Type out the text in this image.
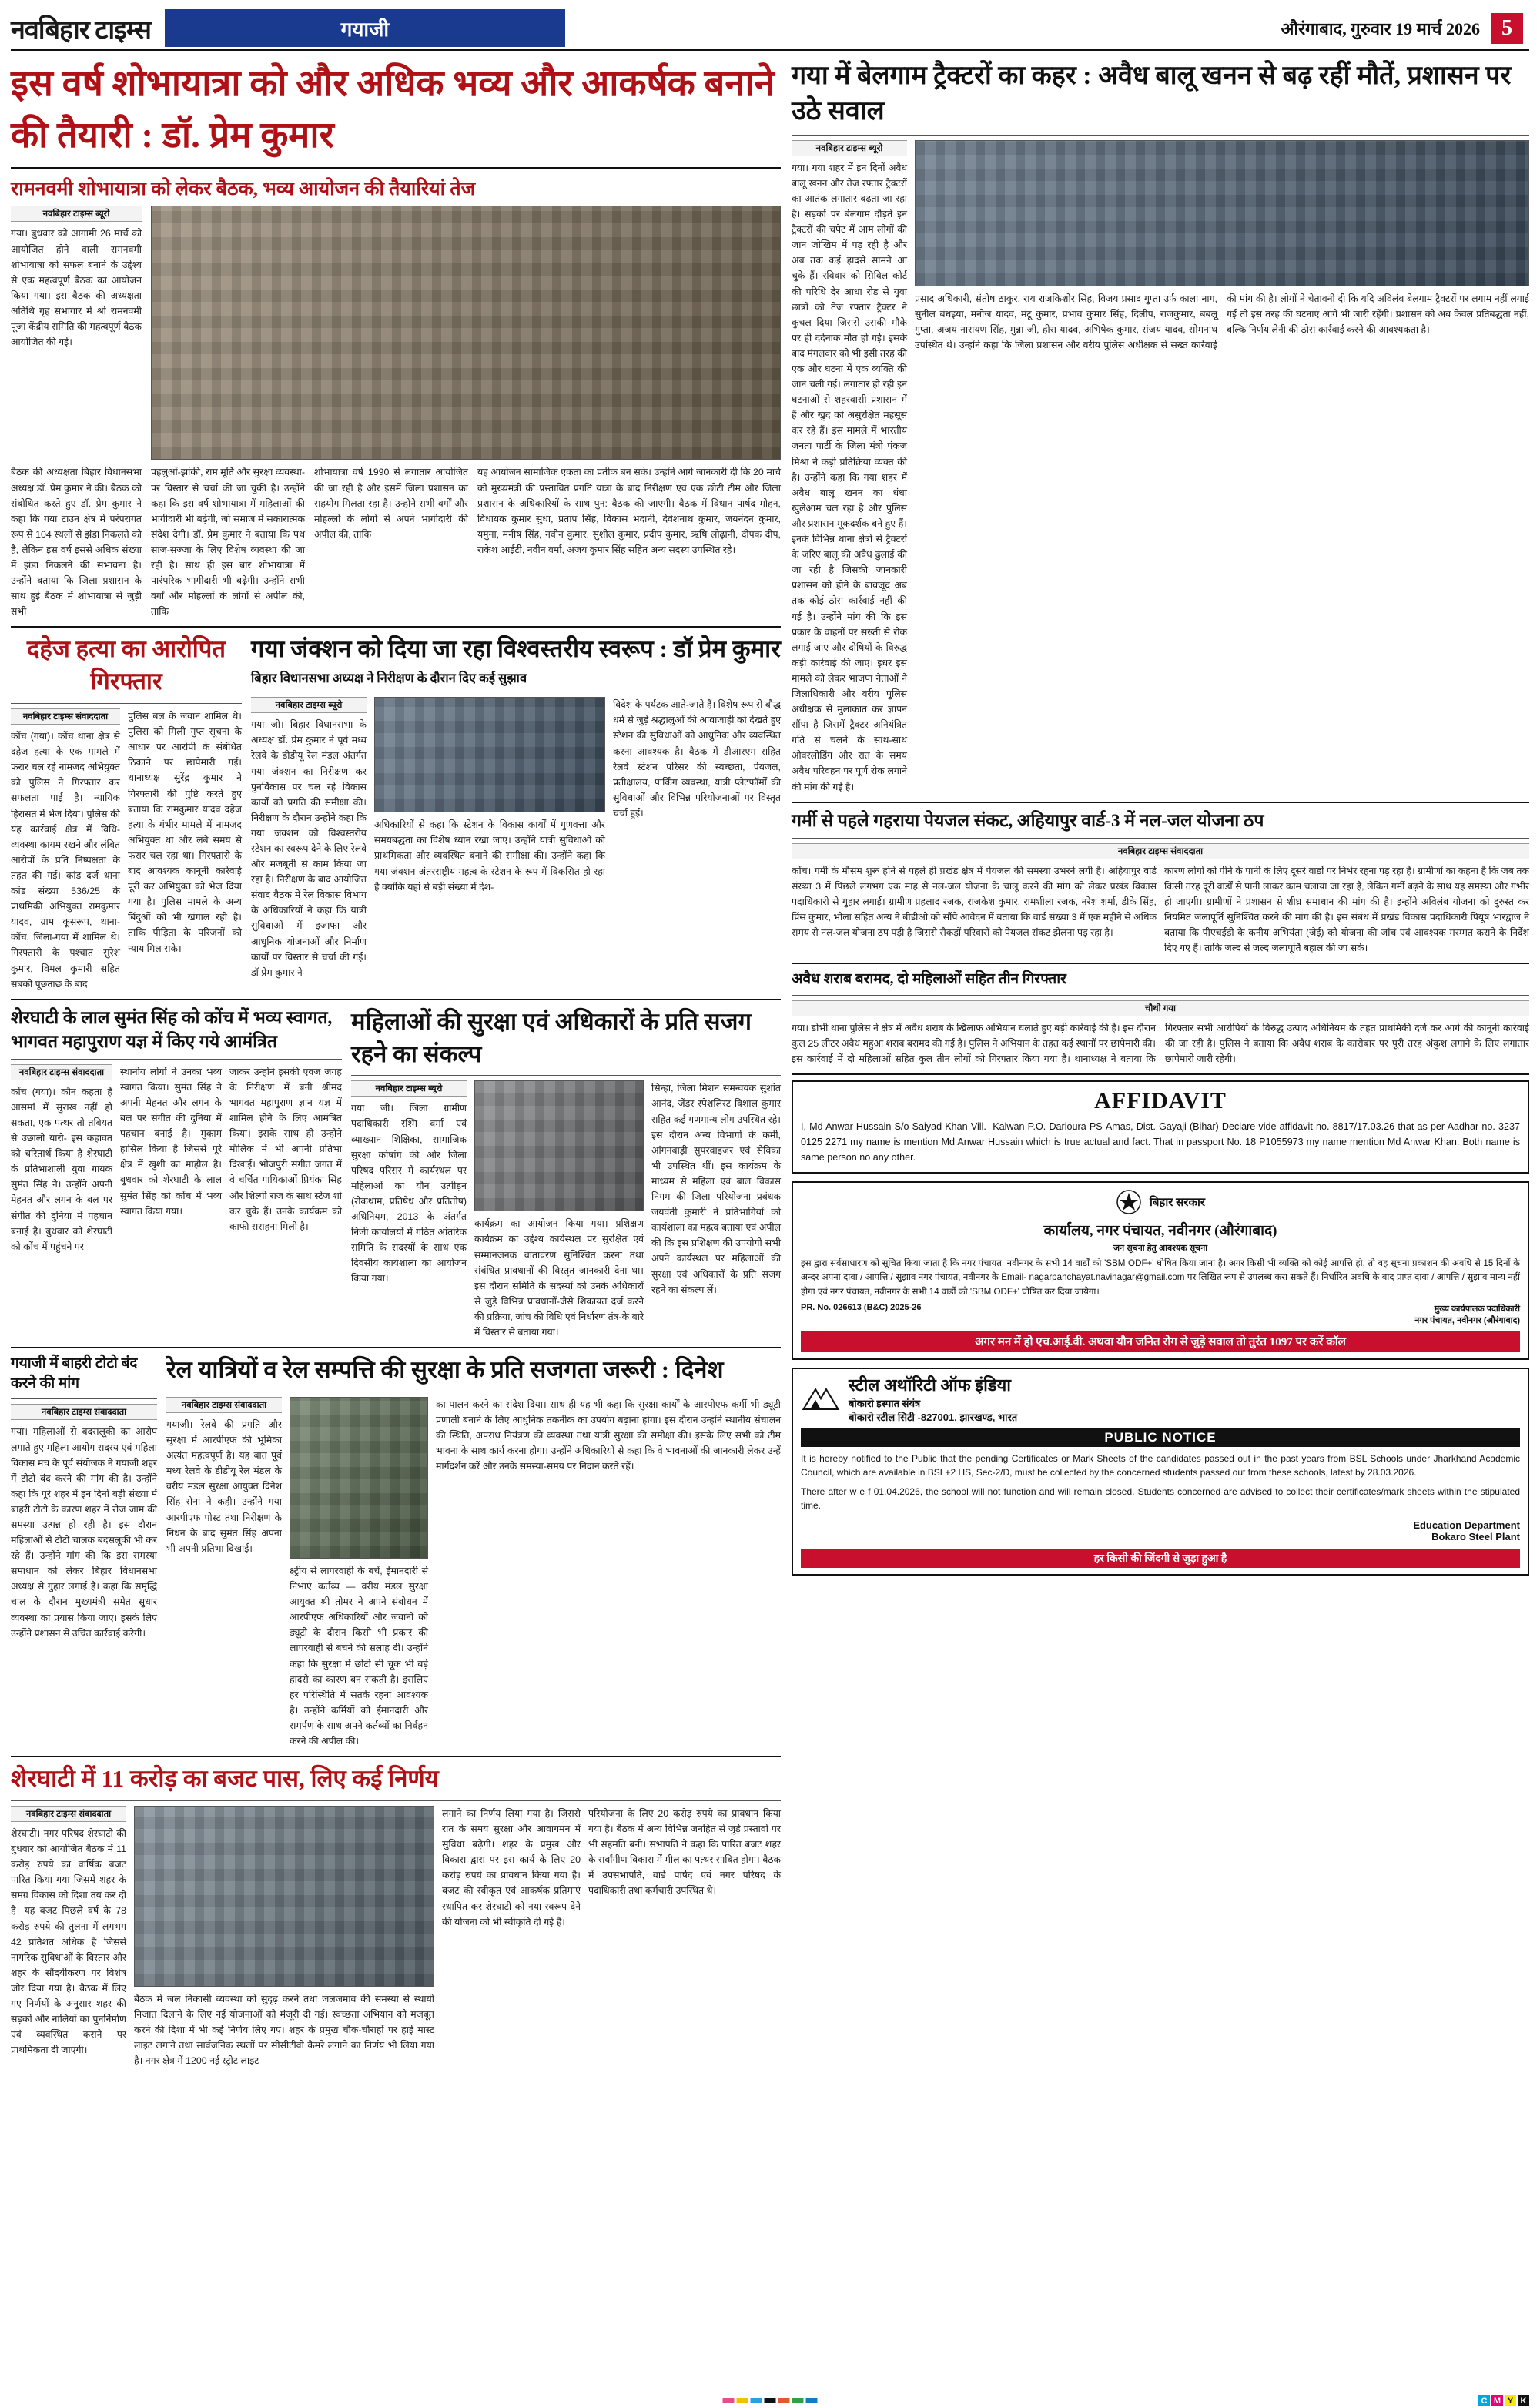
नवबिहार टाइम्स	गयाजी	औरंगाबाद, गुरुवार 19 मार्च 2026	5
इस वर्ष शोभायात्रा को और अधिक भव्य और आकर्षक बनाने की तैयारी : डॉ. प्रेम कुमार
रामनवमी शोभायात्रा को लेकर बैठक, भव्य आयोजन की तैयारियां तेज
नवबिहार टाइम्स ब्यूरो
गया। बुधवार को आगामी 26 मार्च को आयोजित होने वाली रामनवमी शोभायात्रा को सफल बनाने के उद्देश्य से एक महत्वपूर्ण बैठक का आयोजन किया गया। इस बैठक की अध्यक्षता अतिथि गृह सभागार में श्री रामनवमी पूजा केंद्रीय समिति की महत्वपूर्ण बैठक आयोजित की गई।
बैठक की अध्यक्षता बिहार विधानसभा अध्यक्ष डॉ. प्रेम कुमार ने की। बैठक को संबोधित करते हुए डॉ. प्रेम कुमार ने कहा कि गया टाउन क्षेत्र में परंपरागत रूप से 104 स्थलों से झंडा निकलते को है, लेकिन इस वर्ष इससे अधिक संख्या में झंडा निकलने की संभावना है। उन्होंने बताया कि जिला प्रशासन के साथ हुई बैठक में शोभायात्रा से जुड़ी सभी
पहलुओं-झांकी, राम मूर्ति और सुरक्षा व्यवस्था-पर विस्तार से चर्चा की जा चुकी है। उन्होंने कहा कि इस वर्ष शोभायात्रा में महिलाओं की भागीदारी भी बढ़ेगी, जो समाज में सकारात्मक संदेश देगी। डॉ. प्रेम कुमार ने बताया कि पथ साज-सज्जा के लिए विशेष व्यवस्था की जा रही है। साथ ही इस बार शोभायात्रा में पारंपरिक भागीदारी भी बढ़ेगी। उन्होंने सभी वर्गों और मोहल्लों के लोगों से अपील की, ताकि
शोभायात्रा वर्ष 1990 से लगातार आयोजित की जा रही है और इसमें जिला प्रशासन का सहयोग मिलता रहा है। उन्होंने सभी वर्गों और मोहल्लों के लोगों से अपने भागीदारी की अपील की, ताकि
यह आयोजन सामाजिक एकता का प्रतीक बन सके। उन्होंने आगे जानकारी दी कि 20 मार्च को मुख्यमंत्री की प्रस्तावित प्रगति यात्रा के बाद निरीक्षण एवं एक छोटी टीम और जिला प्रशासन के अधिकारियों के साथ पुन: बैठक की जाएगी। बैठक में विधान पार्षद मोहन, विधायक कुमार सुधा, प्रताप सिंह, विकास भदानी, देवेशनाथ कुमार, जयनंदन कुमार, यमुना, मनीष सिंह, नवीन कुमार, सुशील कुमार, प्रदीप कुमार, ऋषि लोढ़ानी, दीपक दीप, राकेश आईटी, नवीन वर्मा, अजय कुमार सिंह सहित अन्य सदस्य उपस्थित रहे।
दहेज हत्या का आरोपित गिरफ्तार
नवबिहार टाइम्स संवाददाता
कोंच (गया)। कोंच थाना क्षेत्र से दहेज हत्या के एक मामले में फरार चल रहे नामजद अभियुक्त को पुलिस ने गिरफ्तार कर सफलता पाई है। न्यायिक हिरासत में भेज दिया। पुलिस की यह कार्रवाई क्षेत्र में विधि-व्यवस्था कायम रखने और लंबित आरोपों के प्रति निष्पक्षता के तहत की गई। कांड दर्ज थाना कांड संख्या 536/25 के प्राथमिकी अभियुक्त रामकुमार यादव, ग्राम कूसरूप, थाना-कोंच, जिला-गया में शामिल थे। गिरफ्तारी के पश्चात सुरेश कुमार, विमल कुमारी सहित सबको पूछताछ के बाद
पुलिस बल के जवान शामिल थे। पुलिस को मिली गुप्त सूचना के आधार पर आरोपी के संबंधित ठिकाने पर छापेमारी गई। थानाध्यक्ष सुरेंद्र कुमार ने गिरफ्तारी की पुष्टि करते हुए बताया कि रामकुमार यादव दहेज हत्या के गंभीर मामले में नामजद अभियुक्त था और लंबे समय से फरार चल रहा था। गिरफ्तारी के बाद आवश्यक कानूनी कार्रवाई पूरी कर अभियुक्त को भेज दिया गया है। पुलिस मामले के अन्य बिंदुओं को भी खंगाल रही है। ताकि पीड़िता के परिजनों को न्याय मिल सके।
गया जंक्शन को दिया जा रहा विश्वस्तरीय स्वरूप : डॉ प्रेम कुमार
बिहार विधानसभा अध्यक्ष ने निरीक्षण के दौरान दिए कई सुझाव
नवबिहार टाइम्स ब्यूरो
गया जी। बिहार विधानसभा के अध्यक्ष डॉ. प्रेम कुमार ने पूर्व मध्य रेलवे के डीडीयू रेल मंडल अंतर्गत गया जंक्शन का निरीक्षण कर पुनर्विकास पर चल रहे विकास कार्यों को प्रगति की समीक्षा की। निरीक्षण के दौरान उन्होंने कहा कि गया जंक्शन को विश्वस्तरीय स्टेशन का स्वरूप देने के लिए रेलवे और मजबूती से काम किया जा रहा है। निरीक्षण के बाद आयोजित संवाद बैठक में रेल विकास विभाग के अधिकारियों ने कहा कि यात्री सुविधाओं में इजाफा और आधुनिक योजनाओं और निर्माण कार्यों पर विस्तार से चर्चा की गई। डॉ प्रेम कुमार ने
अधिकारियों से कहा कि स्टेशन के विकास कार्यों में गुणवत्ता और समयबद्धता का विशेष ध्यान रखा जाए। उन्होंने यात्री सुविधाओं को प्राथमिकता और व्यवस्थित बनाने की समीक्षा की। उन्होंने कहा कि गया जंक्शन अंतरराष्ट्रीय महत्व के स्टेशन के रूप में विकसित हो रहा है क्योंकि यहां से बड़ी संख्या में देश-
विदेश के पर्यटक आते-जाते हैं। विशेष रूप से बौद्ध धर्म से जुड़े श्रद्धालुओं की आवाजाही को देखते हुए स्टेशन की सुविधाओं को आधुनिक और व्यवस्थित करना आवश्यक है। बैठक में डीआरएम सहित रेलवे स्टेशन परिसर की स्वच्छता, पेयजल, प्रतीक्षालय, पार्किंग व्यवस्था, यात्री प्लेटफॉर्मों की सुविधाओं और विभिन्न परियोजनाओं पर विस्तृत चर्चा हुई।
शेरघाटी के लाल सुमंत सिंह को कोंच में भव्य स्वागत, भागवत महापुराण यज्ञ में किए गये आमंत्रित
नवबिहार टाइम्स संवाददाता
कोंच (गया)। कौन कहता है आसमां में सुराख नहीं हो सकता, एक पत्थर तो तबियत से उछालो यारो- इस कहावत को चरितार्थ किया है शेरघाटी के प्रतिभाशाली युवा गायक सुमंत सिंह ने। उन्होंने अपनी मेहनत और लगन के बल पर संगीत की दुनिया में पहचान बनाई है। बुधवार को शेरघाटी को कोंच में पहुंचने पर
स्थानीय लोगों ने उनका भव्य स्वागत किया। सुमंत सिंह ने अपनी मेहनत और लगन के बल पर संगीत की दुनिया में पहचान बनाई है। मुकाम हासिल किया है जिससे पूरे क्षेत्र में खुशी का माहौल है। बुधवार को शेरघाटी के लाल सुमंत सिंह को कोंच में भव्य स्वागत किया गया।
जाकर उन्होंने इसकी एवज जगह के निरीक्षण में बनी श्रीमद भागवत महापुराण ज्ञान यज्ञ में शामिल होने के लिए आमंत्रित किया। इसके साथ ही उन्होंने मौलिक में भी अपनी प्रतिभा दिखाई। भोजपुरी संगीत जगत में वे चर्चित गायिकाओं प्रियंका सिंह और शिल्पी राज के साथ स्टेज शो कर चुके हैं। उनके कार्यक्रम को काफी सराहना मिली है।
महिलाओं की सुरक्षा एवं अधिकारों के प्रति सजग रहने का संकल्प
नवबिहार टाइम्स ब्यूरो
गया जी। जिला ग्रामीण पदाधिकारी रश्मि वर्मा एवं व्याख्यान शिक्षिका, सामाजिक सुरक्षा कोषांग की ओर जिला परिषद परिसर में कार्यस्थल पर महिलाओं का यौन उत्पीड़न (रोकथाम, प्रतिषेध और प्रतितोष) अधिनियम, 2013 के अंतर्गत निजी कार्यालयों में गठित आंतरिक समिति के सदस्यों के साथ एक दिवसीय कार्यशाला का आयोजन किया गया।
कार्यक्रम का आयोजन किया गया। प्रशिक्षण कार्यक्रम का उद्देश्य कार्यस्थल पर सुरक्षित एवं सम्मानजनक वातावरण सुनिश्चित करना तथा संबंधित प्रावधानों की विस्तृत जानकारी देना था। इस दौरान समिति के सदस्यों को उनके अधिकारों से जुड़े विभिन्न प्रावधानों-जैसे शिकायत दर्ज करने की प्रक्रिया, जांच की विधि एवं निर्धारण तंत्र-के बारे में विस्तार से बताया गया।
सिन्हा, जिला मिशन समन्वयक सुशांत आनंद, जेंडर स्पेशलिस्ट विशाल कुमार सहित कई गणमान्य लोग उपस्थित रहे। इस दौरान अन्य विभागों के कर्मी, आंगनबाड़ी सुपरवाइजर एवं सेविका भी उपस्थित थीं। इस कार्यक्रम के माध्यम से महिला एवं बाल विकास निगम की जिला परियोजना प्रबंधक जयवंती कुमारी ने प्रतिभागियों को कार्यशाला का महत्व बताया एवं अपील की कि इस प्रशिक्षण की उपयोगी सभी अपने कार्यस्थल पर महिलाओं की सुरक्षा एवं अधिकारों के प्रति सजग रहने का संकल्प लें।
गयाजी में बाहरी टोटो बंद करने की मांग
नवबिहार टाइम्स संवाददाता
गया। महिलाओं से बदसलूकी का आरोप लगाते हुए महिला आयोग सदस्य एवं महिला विकास मंच के पूर्व संयोजक ने गयाजी शहर में टोटो बंद करने की मांग की है। उन्होंने कहा कि पूरे शहर में इन दिनों बड़ी संख्या में बाहरी टोटो के कारण शहर में रोज जाम की समस्या उत्पन्न हो रही है। इस दौरान महिलाओं से टोटो चालक बदसलूकी भी कर रहे हैं। उन्होंने मांग की कि इस समस्या समाधान को लेकर बिहार विधानसभा अध्यक्ष से गुहार लगाई है। कहा कि समृद्धि चाल के दौरान मुख्यमंत्री समेत सुधार व्यवस्था का प्रयास किया जाए। इसके लिए उन्होंने प्रशासन से उचित कार्रवाई करेगी।
रेल यात्रियों व रेल सम्पत्ति की सुरक्षा के प्रति सजगता जरूरी : दिनेश
नवबिहार टाइम्स संवाददाता
गयाजी। रेलवे की प्रगति और सुरक्षा में आरपीएफ की भूमिका अत्यंत महत्वपूर्ण है। यह बात पूर्व मध्य रेलवे के डीडीयू रेल मंडल के वरीय मंडल सुरक्षा आयुक्त दिनेश सिंह सेना ने कही। उन्होंने गया आरपीएफ पोस्ट तथा निरीक्षण के निधन के बाद सुमंत सिंह अपना भी अपनी प्रतिभा दिखाई।
क्ष्ट्रीय से लापरवाही के बचें, ईमानदारी से निभाएं कर्तव्य — वरीय मंडल सुरक्षा आयुक्त श्री तोमर ने अपने संबोधन में आरपीएफ अधिकारियों और जवानों को ड्यूटी के दौरान किसी भी प्रकार की लापरवाही से बचने की सलाह दी। उन्होंने कहा कि सुरक्षा में छोटी सी चूक भी बड़े हादसे का कारण बन सकती है। इसलिए हर परिस्थिति में सतर्क रहना आवश्यक है। उन्होंने कर्मियों को ईमानदारी और समर्पण के साथ अपने कर्तव्यों का निर्वहन करने की अपील की।
का पालन करने का संदेश दिया। साथ ही यह भी कहा कि सुरक्षा कार्यों के आरपीएफ कर्मी भी ड्यूटी प्रणाली बनाने के लिए आधुनिक तकनीक का उपयोग बढ़ाना होगा। इस दौरान उन्होंने स्थानीय संचालन की स्थिति, अपराध नियंत्रण की व्यवस्था तथा यात्री सुरक्षा की समीक्षा की। इसके लिए सभी को टीम भावना के साथ कार्य करना होगा। उन्होंने अधिकारियों से कहा कि वे भावनाओं की जानकारी लेकर उन्हें मार्गदर्शन करें और उनके समस्या-समय पर निदान करते रहें।
शेरघाटी में 11 करोड़ का बजट पास, लिए कई निर्णय
नवबिहार टाइम्स संवाददाता
शेरघाटी। नगर परिषद शेरघाटी की बुधवार को आयोजित बैठक में 11 करोड़ रुपये का वार्षिक बजट पारित किया गया जिसमें शहर के समग्र विकास को दिशा तय कर दी है। यह बजट पिछले वर्ष के 78 करोड़ रुपये की तुलना में लगभग 42 प्रतिशत अधिक है जिससे नागरिक सुविधाओं के विस्तार और शहर के सौंदर्यीकरण पर विशेष जोर दिया गया है। बैठक में लिए गए निर्णयों के अनुसार शहर की सड़कों और नालियों का पुनर्निर्माण एवं व्यवस्थित कराने पर प्राथमिकता दी जाएगी।
बैठक में जल निकासी व्यवस्था को सुदृढ़ करने तथा जलजमाव की समस्या से स्थायी निजात दिलाने के लिए नई योजनाओं को मंजूरी दी गई। स्वच्छता अभियान को मजबूत करने की दिशा में भी कई निर्णय लिए गए। शहर के प्रमुख चौक-चौराहों पर हाई मास्ट लाइट लगाने तथा सार्वजनिक स्थलों पर सीसीटीवी कैमरे लगाने का निर्णय भी लिया गया है। नगर क्षेत्र में 1200 नई स्ट्रीट लाइट
लगाने का निर्णय लिया गया है। जिससे रात के समय सुरक्षा और आवागमन में सुविधा बढ़ेगी। शहर के प्रमुख और विकास द्वारा पर इस कार्य के लिए 20 करोड़ रुपये का प्रावधान किया गया है। बजट की स्वीकृत एवं आकर्षक प्रतिमाएं स्थापित कर शेरघाटी को नया स्वरूप देने की योजना को भी स्वीकृति दी गई है।
परियोजना के लिए 20 करोड़ रुपये का प्रावधान किया गया है। बैठक में अन्य विभिन्न जनहित से जुड़े प्रस्तावों पर भी सहमति बनी। सभापति ने कहा कि पारित बजट शहर के सर्वांगीण विकास में मील का पत्थर साबित होगा। बैठक में उपसभापति, वार्ड पार्षद एवं नगर परिषद के पदाधिकारी तथा कर्मचारी उपस्थित थे।
गया में बेलगाम ट्रैक्टरों का कहर : अवैध बालू खनन से बढ़ रहीं मौतें, प्रशासन पर उठे सवाल
नवबिहार टाइम्स ब्यूरो
गया। गया शहर में इन दिनों अवैध बालू खनन और तेज रफ्तार ट्रैक्टरों का आतंक लगातार बढ़ता जा रहा है। सड़कों पर बेलगाम दौड़ते इन ट्रैक्टरों की चपेट में आम लोगों की जान जोखिम में पड़ रही है और अब तक कई हादसे सामने आ चुके हैं। रविवार को सिविल कोर्ट की परिधि देर आधा रोड से युवा छात्रों को तेज रफ्तार ट्रैक्टर ने कुचल दिया जिससे उसकी मौके पर ही दर्दनाक मौत हो गई। इसके बाद मंगलवार को भी इसी तरह की एक और घटना में एक व्यक्ति की जान चली गई। लगातार हो रही इन घटनाओं से शहरवासी प्रशासन में हैं और खुद को असुरक्षित महसूस कर रहे हैं। इस मामले में भारतीय जनता पार्टी के जिला मंत्री पंकज मिश्रा ने कड़ी प्रतिक्रिया व्यक्त की है। उन्होंने कहा कि गया शहर में अवैध बालू खनन का धंधा खुलेआम चल रहा है और पुलिस और प्रशासन मूकदर्शक बने हुए हैं। इनके विभिन्न थाना क्षेत्रों से ट्रैक्टरों के जरिए बालू की अवैध ढुलाई की जा रही है जिसकी जानकारी प्रशासन को होने के बावजूद अब तक कोई ठोस कार्रवाई नहीं की गई है। उन्होंने मांग की कि इस प्रकार के वाहनों पर सख्ती से रोक लगाई जाए और दोषियों के विरुद्ध कड़ी कार्रवाई की जाए। इधर इस मामले को लेकर भाजपा नेताओं ने जिलाधिकारी और वरीय पुलिस अधीक्षक से मुलाकात कर ज्ञापन सौंपा है जिसमें ट्रैक्टर अनियंत्रित गति से चलने के साथ-साथ ओवरलोडिंग और रात के समय अवैध परिवहन पर पूर्ण रोक लगाने की मांग की गई है।
प्रसाद अधिकारी, संतोष ठाकुर, राय राजकिशोर सिंह, विजय प्रसाद गुप्ता उर्फ काला नाग, सुनील बंधइया, मनोज यादव, मंटू कुमार, प्रभाव कुमार सिंह, दिलीप, राजकुमार, बबलू गुप्ता, अजय नारायण सिंह, मुन्ना जी, हीरा यादव, अभिषेक कुमार, संजय यादव, सोमनाथ उपस्थित थे। उन्होंने कहा कि जिला प्रशासन और वरीय पुलिस अधीक्षक से सख्त कार्रवाई की मांग की है। लोगों ने चेतावनी दी कि यदि अविलंब बेलगाम ट्रैक्टरों पर लगाम नहीं लगाई गई तो इस तरह की घटनाएं आगे भी जारी रहेंगी। प्रशासन को अब केवल प्रतिबद्धता नहीं, बल्कि निर्णय लेनी की ठोस कार्रवाई करने की आवश्यकता है।
गर्मी से पहले गहराया पेयजल संकट, अहियापुर वार्ड-3 में नल-जल योजना ठप
नवबिहार टाइम्स संवाददाता
कोंच। गर्मी के मौसम शुरू होने से पहले ही प्रखंड क्षेत्र में पेयजल की समस्या उभरने लगी है। अहियापुर वार्ड संख्या 3 में पिछले लगभग एक माह से नल-जल योजना के चालू करने की मांग को लेकर प्रखंड विकास पदाधिकारी से गुहार लगाई। ग्रामीण प्रहलाद रजक, राजकेश कुमार, रामशीला रजक, नरेश शर्मा, डीके सिंह, प्रिंस कुमार, भोला सहित अन्य ने बीडीओ को सौंपे आवेदन में बताया कि वार्ड संख्या 3 में एक महीने से अधिक समय से नल-जल योजना ठप पड़ी है जिससे सैकड़ों परिवारों को पेयजल संकट झेलना पड़ रहा है।
कारण लोगों को पीने के पानी के लिए दूसरे वार्डों पर निर्भर रहना पड़ रहा है। ग्रामीणों का कहना है कि जब तक किसी तरह दूरी वार्डों से पानी लाकर काम चलाया जा रहा है, लेकिन गर्मी बढ़ने के साथ यह समस्या और गंभीर हो जाएगी। ग्रामीणों ने प्रशासन से शीघ्र समाधान की मांग की है। इन्होंने अविलंब योजना को दुरुस्त कर नियमित जलापूर्ति सुनिश्चित करने की मांग की है। इस संबंध में प्रखंड विकास पदाधिकारी पियूष भारद्वाज ने बताया कि पीएचईडी के कनीय अभियंता (जेई) को योजना की जांच एवं आवश्यक मरम्मत कराने के निर्देश दिए गए हैं। ताकि जल्द से जल्द जलापूर्ति बहाल की जा सके।
अवैध शराब बरामद, दो महिलाओं सहित तीन गिरफ्तार
चौथी गया
गया। डोभी थाना पुलिस ने क्षेत्र में अवैध शराब के खिलाफ अभियान चलाते हुए बड़ी कार्रवाई की है। इस दौरान कुल 25 लीटर अवैध महुआ शराब बरामद की गई है। पुलिस ने अभियान के तहत कई स्थानों पर छापेमारी की। इस कार्रवाई में दो महिलाओं सहित कुल तीन लोगों को गिरफ्तार किया गया है। थानाध्यक्ष ने बताया कि गिरफ्तार सभी आरोपियों के विरुद्ध उत्पाद अधिनियम के तहत प्राथमिकी दर्ज कर आगे की कानूनी कार्रवाई की जा रही है। पुलिस ने बताया कि अवैध शराब के कारोबार पर पूरी तरह अंकुश लगाने के लिए लगातार छापेमारी जारी रहेगी।
AFFIDAVIT
I, Md Anwar Hussain S/o Saiyad Khan Vill.- Kalwan P.O.-Darioura PS-Amas, Dist.-Gayaji (Bihar) Declare vide affidavit no. 8817/17.03.26 that as per Aadhar no. 3237 0125 2271 my name is mention Md Anwar Hussain which is true actual and fact. That in passport No. 18 P1055973 my name mention Md Anwar Khan. Both name is same person no any other.
बिहार सरकार
कार्यालय, नगर पंचायत, नवीनगर (औरंगाबाद)
जन सूचना हेतु आवश्यक सूचना
इस द्वारा सर्वसाधारण को सूचित किया जाता है कि नगर पंचायत, नवीनगर के सभी 14 वार्डों को 'SBM ODF+' घोषित किया जाना है। अगर किसी भी व्यक्ति को कोई आपत्ति हो, तो वह सूचना प्रकाशन की अवधि से 15 दिनों के अन्दर अपना दावा / आपत्ति / सुझाव नगर पंचायत, नवीनगर के Email- nagarpanchayat.navinagar@gmail.com पर लिखित रूप से उपलब्ध करा सकते हैं। निर्धारित अवधि के बाद प्राप्त दावा / आपत्ति / सुझाव मान्य नहीं होगा एवं नगर पंचायत, नवीनगर के सभी 14 वार्डों को 'SBM ODF+' घोषित कर दिया जायेगा।
PR. No. 026613 (B&C) 2025-26	मुख्य कार्यपालक पदाधिकारी
नगर पंचायत, नवीनगर (औरंगाबाद)
अगर मन में हो एच.आई.वी. अथवा यौन जनित रोग से जुड़े सवाल तो तुरंत 1097 पर करें कॉल
स्टील अथॉरिटी ऑफ इंडिया
बोकारो इस्पात संयंत्र
बोकारो स्टील सिटी -827001, झारखण्ड, भारत
PUBLIC NOTICE
It is hereby notified to the Public that the pending Certificates or Mark Sheets of the candidates passed out in the past years from BSL Schools under Jharkhand Academic Council, which are available in BSL+2 HS, Sec-2/D, must be collected by the concerned students passed out from these schools, latest by 28.03.2026.
There after w e f 01.04.2026, the school will not function and will remain closed. Students concerned are advised to collect their certificates/mark sheets within the stipulated time.
Education Department
Bokaro Steel Plant
हर किसी की जिंदगी से जुड़ा हुआ है
C M Y K
